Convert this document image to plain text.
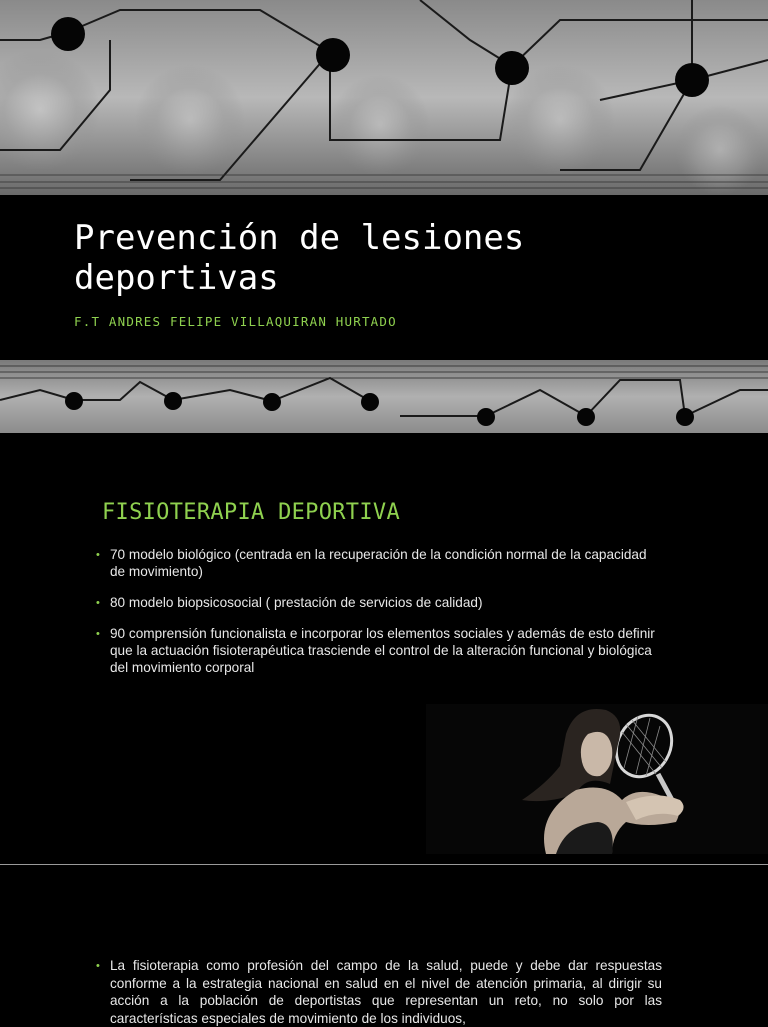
Prevención de lesiones deportivas

F.T ANDRES FELIPE VILLAQUIRAN HURTADO

FISIOTERAPIA DEPORTIVA
• 70 modelo biológico (centrada en la recuperación de la condición normal de la capacidad de movimiento)
• 80 modelo biopsicosocial ( prestación de servicios de calidad)
• 90 comprensión funcionalista e incorporar los elementos sociales y además de esto definir que la actuación fisioterapéutica trasciende el control de la alteración funcional y biológica del movimiento corporal
• La fisioterapia como profesión del campo de la salud, puede y debe dar respuestas conforme a la estrategia nacional en salud en el nivel de atención primaria, al dirigir su acción a la población de deportistas que representan un reto, no solo por las características especiales de movimiento de los individuos,
